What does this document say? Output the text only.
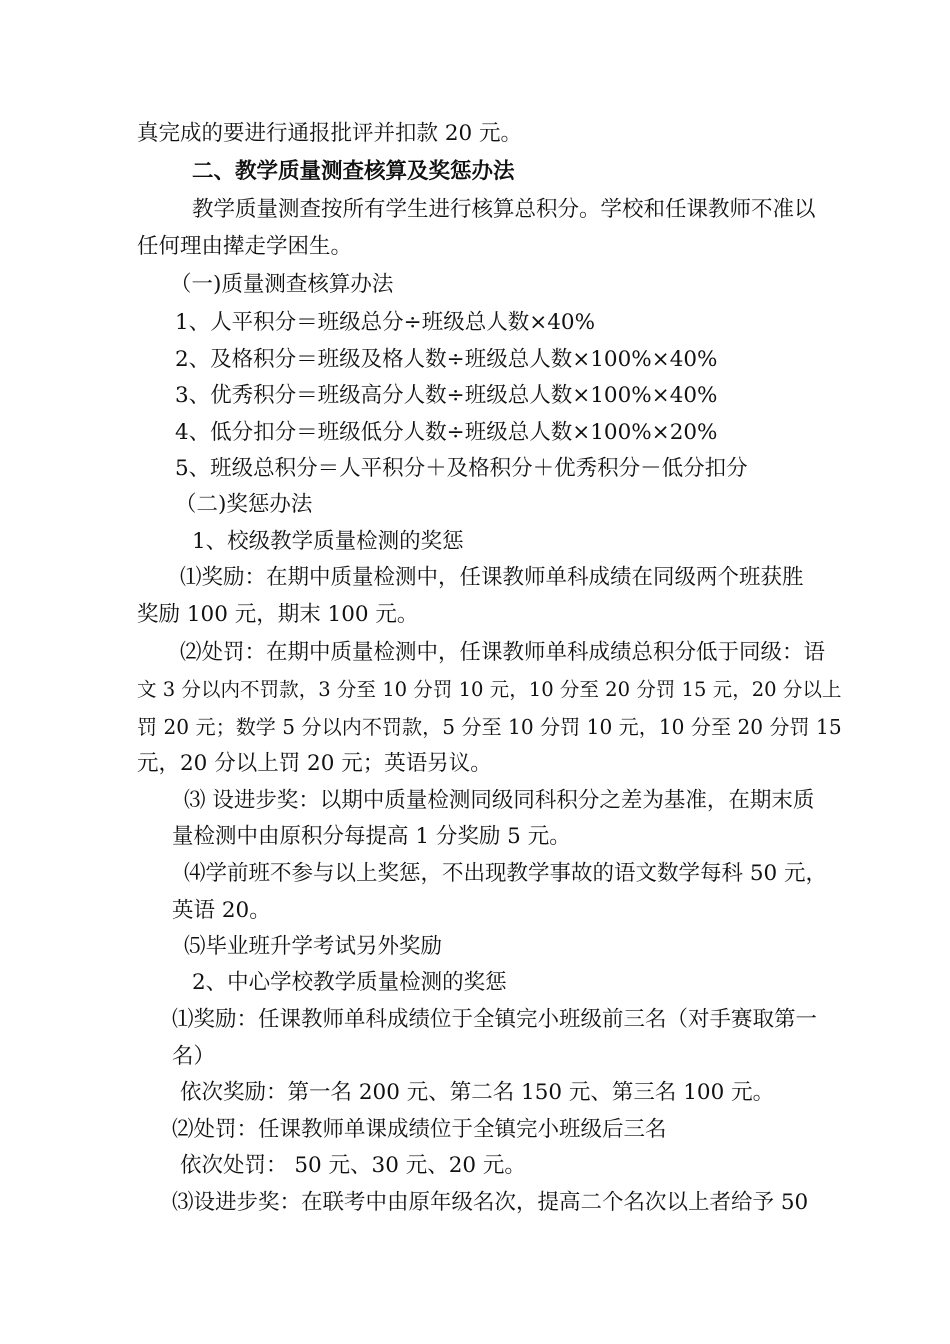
真完成的要进行通报批评并扣款 20 元。
二、教学质量测查核算及奖惩办法
教学质量测查按所有学生进行核算总积分。学校和任课教师不准以
任何理由撵走学困生。
（一)质量测查核算办法
1、人平积分＝班级总分÷班级总人数×40%
2、及格积分＝班级及格人数÷班级总人数×100%×40%
3、优秀积分＝班级高分人数÷班级总人数×100%×40%
4、低分扣分＝班级低分人数÷班级总人数×100%×20%
5、班级总积分＝人平积分＋及格积分＋优秀积分－低分扣分
（二)奖惩办法
1、校级教学质量检测的奖惩
⑴奖励：在期中质量检测中，任课教师单科成绩在同级两个班获胜
奖励 100 元，期末 100 元。
⑵处罚：在期中质量检测中，任课教师单科成绩总积分低于同级：语
文 3 分以内不罚款，3 分至 10 分罚 10 元，10 分至 20 分罚 15 元，20 分以上
罚 20 元；数学 5 分以内不罚款，5 分至 10 分罚 10 元，10 分至 20 分罚 15
元，20 分以上罚 20 元；英语另议。
⑶ 设进步奖：以期中质量检测同级同科积分之差为基准，在期末质
量检测中由原积分每提高 1 分奖励 5 元。
⑷学前班不参与以上奖惩，不出现教学事故的语文数学每科 50 元，
英语 20。
⑸毕业班升学考试另外奖励
2、中心学校教学质量检测的奖惩
⑴奖励：任课教师单科成绩位于全镇完小班级前三名（对手赛取第一
名）
依次奖励：第一名 200 元、第二名 150 元、第三名 100 元。
⑵处罚：任课教师单课成绩位于全镇完小班级后三名
依次处罚： 50 元、30 元、20 元。
⑶设进步奖：在联考中由原年级名次，提高二个名次以上者给予 50
